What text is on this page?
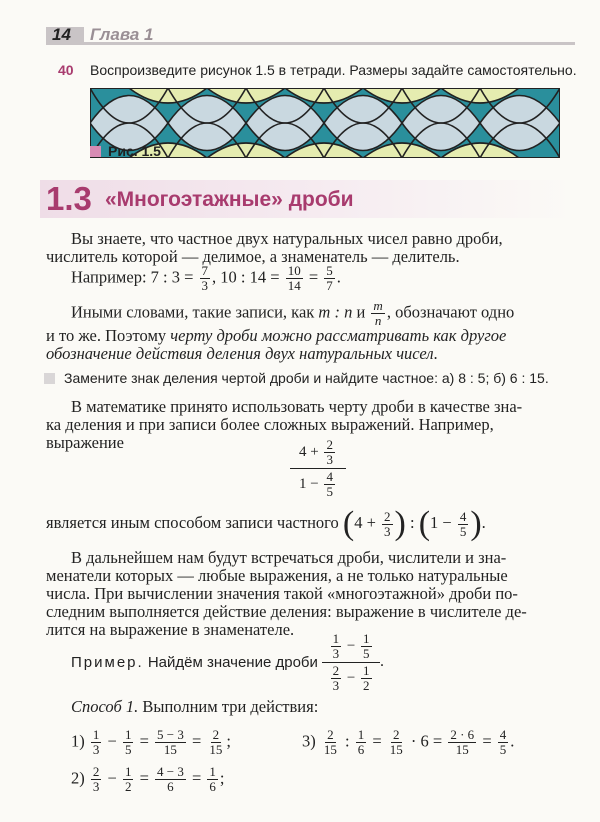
14 Глава 1
40 Воспроизведите рисунок 1.5 в тетради. Размеры задайте самостоятельно.
Рис. 1.5
1.3 «Многоэтажные» дроби
Вы знаете, что частное двух натуральных чисел равно дроби,
числитель которой — делимое, а знаменатель — делитель.
Например: 7 : $3 = \frac{7}{3}$ , 10 : $14 = \frac{10}{14} = \frac{5}{7}$ .
Иными словами, такие записи, как m : n и $\frac{m}{n}$ , обозначают одно
и то же. Поэтому черту дроби можно рассматривать как другое
обозначение действия деления двух натуральных чисел.
Замените знак деления чертой дроби и найдите частное: а) 8 : 5; б) 6 : 15.
В математике принято использовать черту дроби в качестве зна-
ка деления и при записи более сложных выражений. Например,
выражение	$4 + \frac{2}{3}$
$1 - \frac{4}{5}$
является иным способом записи частного ($4 + \frac{2}{3}$ ) : ($1 - \frac{4}{5}$ ).
В дальнейшем нам будут встречаться дроби, числители и зна-
менатели которых — любые выражения, а не только натуральные
числа. При вычислении значения такой «многоэтажной» дроби по-
следним выполняется действие деления: выражение в числителе де-
лится на выражение в знаменателе.
Пример. Найдём значение дроби
$\frac{1}{3} - \frac{1}{5}$
$\frac{2}{3} - \frac{1}{2}$
.
Способ 1. Выполним три действия:
$1) \frac{1}{3} - \frac{1}{5} = \frac{5 - 3}{15} = \frac{2}{15}$ ;	$3) \frac{2}{15}$ : $\frac{1}{6} = \frac{2}{15} \cdot 6 = \frac{2 \cdot 6}{15} = \frac{4}{5}$ .
$2) \frac{2}{3} - \frac{1}{2} = \frac{4 - 3}{6} = \frac{1}{6}$ ;
